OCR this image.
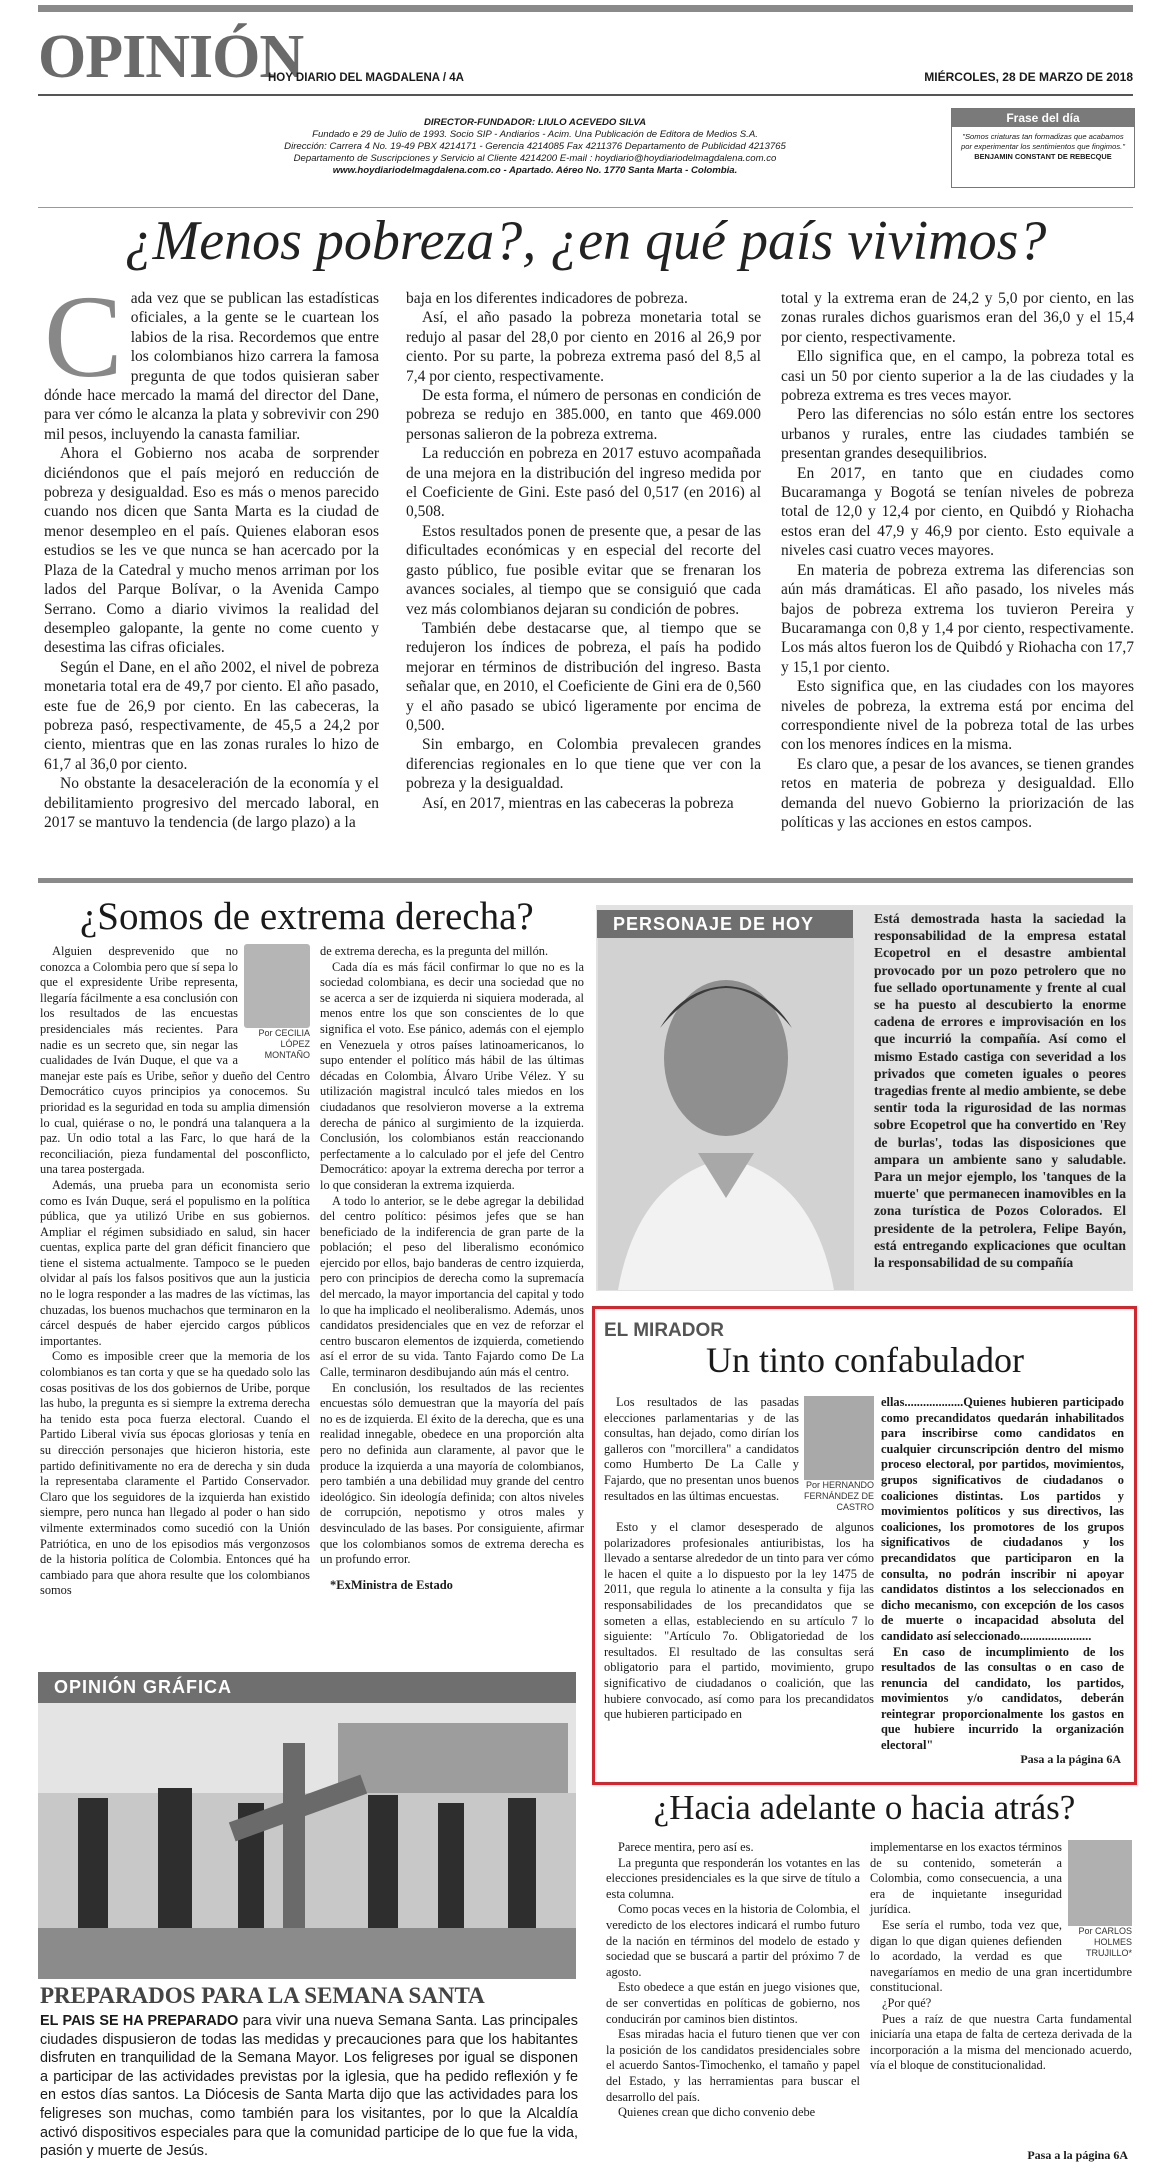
OPINIÓN
HOY DIARIO DEL MAGDALENA / 4A	MIÉRCOLES, 28 DE MARZO DE 2018
DIRECTOR-FUNDADOR: LIULO ACEVEDO SILVA
Fundado e 29 de Julio de 1993. Socio SIP - Andiarios - Acim. Una Publicación de Editora de Medios S.A.
Dirección: Carrera 4 No. 19-49 PBX 4214171 - Gerencia 4214085 Fax 4211376 Departamento de Publicidad 4213765
Departamento de Suscripciones y Servicio al Cliente 4214200 E-mail : hoydiario@hoydiariodelmagdalena.com.co
www.hoydiariodelmagdalena.com.co - Apartado. Aéreo No. 1770 Santa Marta - Colombia.
Frase del día
"Somos criaturas tan formadizas que acabamos por experimentar los sentimientos que fingimos."
BENJAMIN CONSTANT DE REBECQUE
¿Menos pobreza?, ¿en qué país vivimos?
C ada vez que se publican las estadísticas oficiales, a la gente se le cuartean los labios de la risa. Recordemos que entre los colombianos hizo carrera la famosa pregunta de que todos quisieran saber dónde hace mercado la mamá del director del Dane, para ver cómo le alcanza la plata y sobrevivir con 290 mil pesos, incluyendo la canasta familiar.

Ahora el Gobierno nos acaba de sorprender diciéndonos que el país mejoró en reducción de pobreza y desigualdad. Eso es más o menos parecido cuando nos dicen que Santa Marta es la ciudad de menor desempleo en el país. Quienes elaboran esos estudios se les ve que nunca se han acercado por la Plaza de la Catedral y mucho menos arriman por los lados del Parque Bolívar, o la Avenida Campo Serrano. Como a diario vivimos la realidad del desempleo galopante, la gente no come cuento y desestima las cifras oficiales.

Según el Dane, en el año 2002, el nivel de pobreza monetaria total era de 49,7 por ciento. El año pasado, este fue de 26,9 por ciento. En las cabeceras, la pobreza pasó, respectivamente, de 45,5 a 24,2 por ciento, mientras que en las zonas rurales lo hizo de 61,7 al 36,0 por ciento.

No obstante la desaceleración de la economía y el debilitamiento progresivo del mercado laboral, en 2017 se mantuvo la tendencia (de largo plazo) a la

baja en los diferentes indicadores de pobreza.

Así, el año pasado la pobreza monetaria total se redujo al pasar del 28,0 por ciento en 2016 al 26,9 por ciento. Por su parte, la pobreza extrema pasó del 8,5 al 7,4 por ciento, respectivamente.

De esta forma, el número de personas en condición de pobreza se redujo en 385.000, en tanto que 469.000 personas salieron de la pobreza extrema.

La reducción en pobreza en 2017 estuvo acompañada de una mejora en la distribución del ingreso medida por el Coeficiente de Gini. Este pasó del 0,517 (en 2016) al 0,508.

Estos resultados ponen de presente que, a pesar de las dificultades económicas y en especial del recorte del gasto público, fue posible evitar que se frenaran los avances sociales, al tiempo que se consiguió que cada vez más colombianos dejaran su condición de pobres.

También debe destacarse que, al tiempo que se redujeron los índices de pobreza, el país ha podido mejorar en términos de distribución del ingreso. Basta señalar que, en 2010, el Coeficiente de Gini era de 0,560 y el año pasado se ubicó ligeramente por encima de 0,500.

Sin embargo, en Colombia prevalecen grandes diferencias regionales en lo que tiene que ver con la pobreza y la desigualdad.

Así, en 2017, mientras en las cabeceras la pobreza

total y la extrema eran de 24,2 y 5,0 por ciento, en las zonas rurales dichos guarismos eran del 36,0 y el 15,4 por ciento, respectivamente.

Ello significa que, en el campo, la pobreza total es casi un 50 por ciento superior a la de las ciudades y la pobreza extrema es tres veces mayor.

Pero las diferencias no sólo están entre los sectores urbanos y rurales, entre las ciudades también se presentan grandes desequilibrios.

En 2017, en tanto que en ciudades como Bucaramanga y Bogotá se tenían niveles de pobreza total de 12,0 y 12,4 por ciento, en Quibdó y Riohacha estos eran del 47,9 y 46,9 por ciento. Esto equivale a niveles casi cuatro veces mayores.

En materia de pobreza extrema las diferencias son aún más dramáticas. El año pasado, los niveles más bajos de pobreza extrema los tuvieron Pereira y Bucaramanga con 0,8 y 1,4 por ciento, respectivamente. Los más altos fueron los de Quibdó y Riohacha con 17,7 y 15,1 por ciento.

Esto significa que, en las ciudades con los mayores niveles de pobreza, la extrema está por encima del correspondiente nivel de la pobreza total de las urbes con los menores índices en la misma.

Es claro que, a pesar de los avances, se tienen grandes retos en materia de pobreza y desigualdad. Ello demanda del nuevo Gobierno la priorización de las políticas y las acciones en estos campos.

¿Somos de extrema derecha?
Por CECILIA LÓPEZ MONTAÑO

Alguien desprevenido que no conozca a Colombia pero que sí sepa lo que el expresidente Uribe representa, llegaría fácilmente a esa conclusión con los resultados de las encuestas presidenciales más recientes. Para nadie es un secreto que, sin negar las cualidades de Iván Duque, el que va a manejar este país es Uribe, señor y dueño del Centro Democrático cuyos principios ya conocemos. Su prioridad es la seguridad en toda su amplia dimensión lo cual, quiérase o no, le pondrá una talanquera a la paz. Un odio total a las Farc, lo que hará de la reconciliación, pieza fundamental del posconflicto, una tarea postergada.

Además, una prueba para un economista serio como es Iván Duque, será el populismo en la política pública, que ya utilizó Uribe en sus gobiernos. Ampliar el régimen subsidiado en salud, sin hacer cuentas, explica parte del gran déficit financiero que tiene el sistema actualmente. Tampoco se le pueden olvidar al país los falsos positivos que aun la justicia no le logra responder a las madres de las víctimas, las chuzadas, los buenos muchachos que terminaron en la cárcel después de haber ejercido cargos públicos importantes.

Como es imposible creer que la memoria de los colombianos es tan corta y que se ha quedado solo las cosas positivas de los dos gobiernos de Uribe, porque las hubo, la pregunta es si siempre la extrema derecha ha tenido esta poca fuerza electoral. Cuando el Partido Liberal vivía sus épocas gloriosas y tenía en su dirección personajes que hicieron historia, este partido definitivamente no era de derecha y sin duda la representaba claramente el Partido Conservador. Claro que los seguidores de la izquierda han existido siempre, pero nunca han llegado al poder o han sido vilmente exterminados como sucedió con la Unión Patriótica, en uno de los episodios más vergonzosos de la historia política de Colombia. Entonces qué ha cambiado para que ahora resulte que los colombianos somos

de extrema derecha, es la pregunta del millón.

Cada día es más fácil confirmar lo que no es la sociedad colombiana, es decir una sociedad que no se acerca a ser de izquierda ni siquiera moderada, al menos entre los que son conscientes de lo que significa el voto. Ese pánico, además con el ejemplo en Venezuela y otros países latinoamericanos, lo supo entender el político más hábil de las últimas décadas en Colombia, Álvaro Uribe Vélez. Y su utilización magistral inculcó tales miedos en los ciudadanos que resolvieron moverse a la extrema derecha de pánico al surgimiento de la izquierda. Conclusión, los colombianos están reaccionando perfectamente a lo calculado por el jefe del Centro Democrático: apoyar la extrema derecha por terror a lo que consideran la extrema izquierda.

A todo lo anterior, se le debe agregar la debilidad del centro político: pésimos jefes que se han beneficiado de la indiferencia de gran parte de la población; el peso del liberalismo económico ejercido por ellos, bajo banderas de centro izquierda, pero con principios de derecha como la supremacía del mercado, la mayor importancia del capital y todo lo que ha implicado el neoliberalismo. Además, unos candidatos presidenciales que en vez de reforzar el centro buscaron elementos de izquierda, cometiendo así el error de su vida. Tanto Fajardo como De La Calle, terminaron desdibujando aún más el centro.

En conclusión, los resultados de las recientes encuestas sólo demuestran que la mayoría del país no es de izquierda. El éxito de la derecha, que es una realidad innegable, obedece en una proporción alta pero no definida aun claramente, al pavor que le produce la izquierda a una mayoría de colombianos, pero también a una debilidad muy grande del centro ideológico. Sin ideología definida; con altos niveles de corrupción, nepotismo y otros males y desvinculado de las bases. Por consiguiente, afirmar que los colombianos somos de extrema derecha es un profundo error.

*ExMinistra de Estado
PERSONAJE DE HOY	Está demostrada hasta la saciedad la responsabilidad de la empresa estatal Ecopetrol en el desastre ambiental provocado por un pozo petrolero que no fue sellado oportunamente y frente al cual se ha puesto al descubierto la enorme cadena de errores e improvisación en los que incurrió la compañía. Así como el mismo Estado castiga con severidad a los privados que cometen iguales o peores tragedias frente al medio ambiente, se debe sentir toda la rigurosidad de las normas sobre Ecopetrol que ha convertido en 'Rey de burlas', todas las disposiciones que ampara un ambiente sano y saludable. Para un mejor ejemplo, los 'tanques de la muerte' que permanecen inamovibles en la zona turística de Pozos Colorados. El presidente de la petrolera, Felipe Bayón, está entregando explicaciones que ocultan la responsabilidad de su compañía
EL MIRADOR
Un tinto confabulador

Los resultados de las pasadas elecciones parlamentarias y de las consultas, han dejado, como dirían los galleros con "morcillera" a candidatos como Humberto De La Calle y Fajardo, que no presentan unos buenos resultados en las últimas encuestas.

Por HERNANDO FERNÁNDEZ DE CASTRO

Esto y el clamor desesperado de algunos polarizadores profesionales antiuribistas, los ha llevado a sentarse alrededor de un tinto para ver cómo le hacen el quite a lo dispuesto por la ley 1475 de 2011, que regula lo atinente a la consulta y fija las responsabilidades de los precandidatos que se someten a ellas, estableciendo en su artículo 7 lo siguiente: "Artículo 7o. Obligatoriedad de los resultados. El resultado de las consultas será obligatorio para el partido, movimiento, grupo significativo de ciudadanos o coalición, que las hubiere convocado, así como para los precandidatos que hubieren participado en

ellas...................Quienes hubieren participado como precandidatos quedarán inhabilitados para inscribirse como candidatos en cualquier circunscripción dentro del mismo proceso electoral, por partidos, movimientos, grupos significativos de ciudadanos o coaliciones distintas. Los partidos y movimientos políticos y sus directivos, las coaliciones, los promotores de los grupos significativos de ciudadanos y los precandidatos que participaron en la consulta, no podrán inscribir ni apoyar candidatos distintos a los seleccionados en dicho mecanismo, con excepción de los casos de muerte o incapacidad absoluta del candidato así seleccionado.......................

En caso de incumplimiento de los resultados de las consultas o en caso de renuncia del candidato, los partidos, movimientos y/o candidatos, deberán reintegrar proporcionalmente los gastos en que hubiere incurrido la organización electoral"

Pasa a la página 6A
OPINIÓN GRÁFICA
PREPARADOS PARA LA SEMANA SANTA
EL PAIS SE HA PREPARADO para vivir una nueva Semana Santa. Las principales ciudades dispusieron de todas las medidas y precauciones para que los habitantes disfruten en tranquilidad de la Semana Mayor. Los feligreses por igual se disponen a participar de las actividades previstas por la iglesia, que ha pedido reflexión y fe en estos días santos. La Diócesis de Santa Marta dijo que las actividades para los feligreses son muchas, como también para los visitantes, por lo que la Alcaldía activó dispositivos especiales para que la comunidad participe de lo que fue la vida, pasión y muerte de Jesús.
¿Hacia adelante o hacia atrás?

Parece mentira, pero así es.

La pregunta que responderán los votantes en las elecciones presidenciales es la que sirve de título a esta columna.

Como pocas veces en la historia de Colombia, el veredicto de los electores indicará el rumbo futuro de la nación en términos del modelo de estado y sociedad que se buscará a partir del próximo 7 de agosto.

Esto obedece a que están en juego visiones que, de ser convertidas en políticas de gobierno, nos conducirán por caminos bien distintos.

Esas miradas hacia el futuro tienen que ver con la posición de los candidatos presidenciales sobre el acuerdo Santos-Timochenko, el tamaño y papel del Estado, y las herramientas para buscar el desarrollo del país.

Quienes crean que dicho convenio debe

Por CARLOS HOLMES TRUJILLO*

implementarse en los exactos términos de su contenido, someterán a Colombia, como consecuencia, a una era de inquietante inseguridad jurídica.

Ese sería el rumbo, toda vez que, digan lo que digan quienes defienden lo acordado, la verdad es que navegaríamos en medio de una gran incertidumbre constitucional.

¿Por qué?

Pues a raíz de que nuestra Carta fundamental iniciaría una etapa de falta de certeza derivada de la incorporación a la misma del mencionado acuerdo, vía el bloque de constitucionalidad.

Pasa a la página 6A
